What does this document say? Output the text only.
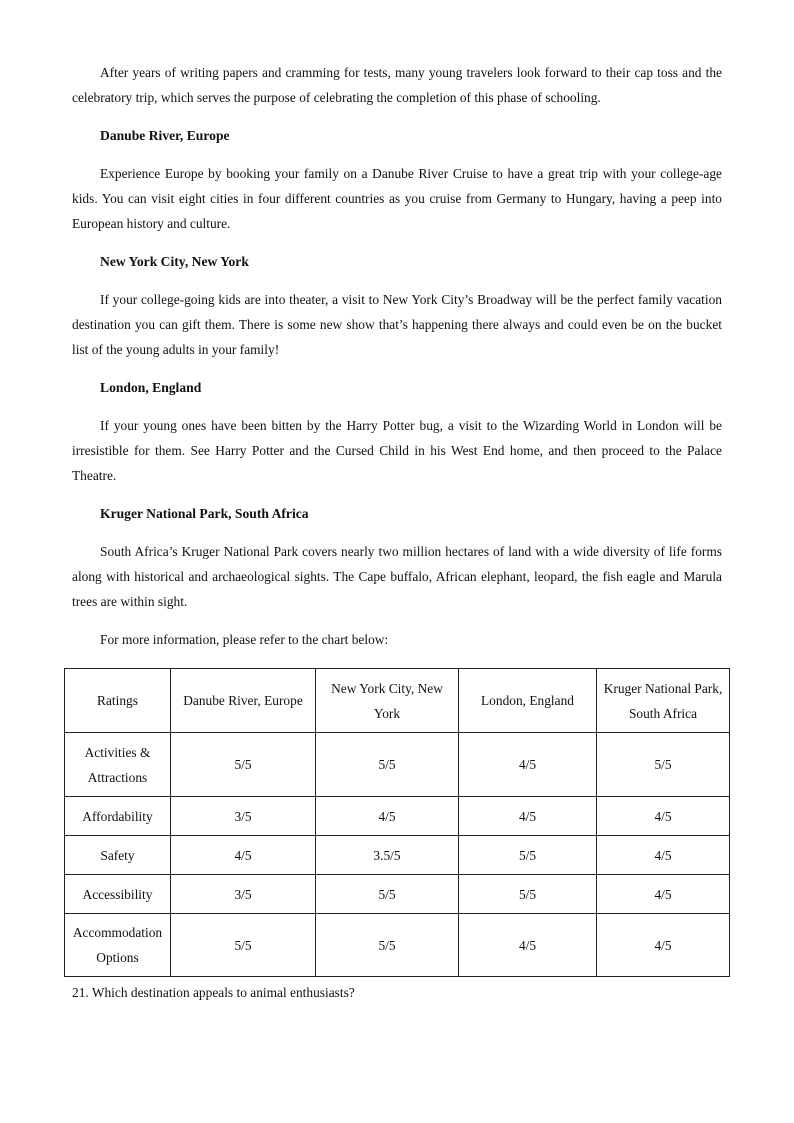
After years of writing papers and cramming for tests, many young travelers look forward to their cap toss and the celebratory trip, which serves the purpose of celebrating the completion of this phase of schooling.

Danube River, Europe

Experience Europe by booking your family on a Danube River Cruise to have a great trip with your college-age kids. You can visit eight cities in four different countries as you cruise from Germany to Hungary, having a peep into European history and culture.

New York City, New York

If your college-going kids are into theater, a visit to New York City’s Broadway will be the perfect family vacation destination you can gift them. There is some new show that’s happening there always and could even be on the bucket list of the young adults in your family!

London, England

If your young ones have been bitten by the Harry Potter bug, a visit to the Wizarding World in London will be irresistible for them. See Harry Potter and the Cursed Child in his West End home, and then proceed to the Palace Theatre.

Kruger National Park, South Africa

South Africa’s Kruger National Park covers nearly two million hectares of land with a wide diversity of life forms along with historical and archaeological sights. The Cape buffalo, African elephant, leopard, the fish eagle and Marula trees are within sight.

For more information, please refer to the chart below:

Ratings	Danube River, Europe	New York City, New York	London, England	Kruger National Park, South Africa
Activities & Attractions	5/5	5/5	4/5	5/5
Affordability	3/5	4/5	4/5	4/5
Safety	4/5	3.5/5	5/5	4/5
Accessibility	3/5	5/5	5/5	4/5
Accommodation Options	5/5	5/5	4/5	4/5
21. Which destination appeals to animal enthusiasts?
